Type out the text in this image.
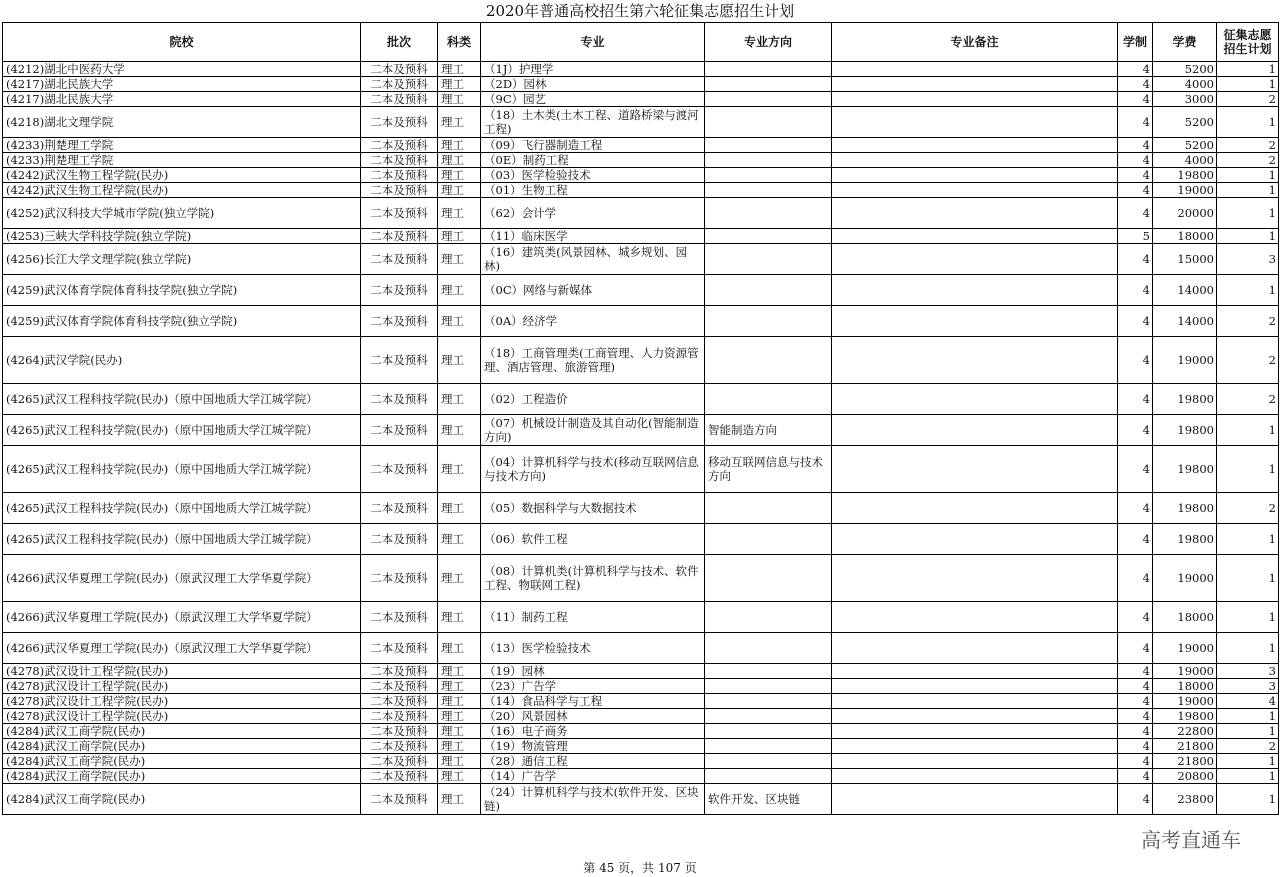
2020年普通高校招生第六轮征集志愿招生计划
院校	批次	科类	专业	专业方向	专业备注	学制	学费	征集志愿招生计划
(4212)湖北中医药大学	二本及预科	理工	（1J）护理学			4	5200	1
(4217)湖北民族大学	二本及预科	理工	（2D）园林			4	4000	1
(4217)湖北民族大学	二本及预科	理工	（9C）园艺			4	3000	2
(4218)湖北文理学院	二本及预科	理工	（18）土木类(土木工程、道路桥梁与渡河工程)			4	5200	1
(4233)荆楚理工学院	二本及预科	理工	（09）飞行器制造工程			4	5200	2
(4233)荆楚理工学院	二本及预科	理工	（0E）制药工程			4	4000	2
(4242)武汉生物工程学院(民办)	二本及预科	理工	（03）医学检验技术			4	19800	1
(4242)武汉生物工程学院(民办)	二本及预科	理工	（01）生物工程			4	19000	1
(4252)武汉科技大学城市学院(独立学院)	二本及预科	理工	（62）会计学			4	20000	1
(4253)三峡大学科技学院(独立学院)	二本及预科	理工	（11）临床医学			5	18000	1
(4256)长江大学文理学院(独立学院)	二本及预科	理工	（16）建筑类(风景园林、城乡规划、园林)			4	15000	3
(4259)武汉体育学院体育科技学院(独立学院)	二本及预科	理工	（0C）网络与新媒体			4	14000	1
(4259)武汉体育学院体育科技学院(独立学院)	二本及预科	理工	（0A）经济学			4	14000	2
(4264)武汉学院(民办)	二本及预科	理工	（18）工商管理类(工商管理、人力资源管理、酒店管理、旅游管理)			4	19000	2
(4265)武汉工程科技学院(民办)（原中国地质大学江城学院）	二本及预科	理工	（02）工程造价			4	19800	2
(4265)武汉工程科技学院(民办)（原中国地质大学江城学院）	二本及预科	理工	（07）机械设计制造及其自动化(智能制造方向)	智能制造方向		4	19800	1
(4265)武汉工程科技学院(民办)（原中国地质大学江城学院）	二本及预科	理工	（04）计算机科学与技术(移动互联网信息与技术方向)	移动互联网信息与技术方向		4	19800	1
(4265)武汉工程科技学院(民办)（原中国地质大学江城学院）	二本及预科	理工	（05）数据科学与大数据技术			4	19800	2
(4265)武汉工程科技学院(民办)（原中国地质大学江城学院）	二本及预科	理工	（06）软件工程			4	19800	1
(4266)武汉华夏理工学院(民办)（原武汉理工大学华夏学院）	二本及预科	理工	（08）计算机类(计算机科学与技术、软件工程、物联网工程)			4	19000	1
(4266)武汉华夏理工学院(民办)（原武汉理工大学华夏学院）	二本及预科	理工	（11）制药工程			4	18000	1
(4266)武汉华夏理工学院(民办)（原武汉理工大学华夏学院）	二本及预科	理工	（13）医学检验技术			4	19000	1
(4278)武汉设计工程学院(民办)	二本及预科	理工	（19）园林			4	19000	3
(4278)武汉设计工程学院(民办)	二本及预科	理工	（23）广告学			4	18000	3
(4278)武汉设计工程学院(民办)	二本及预科	理工	（14）食品科学与工程			4	19000	4
(4278)武汉设计工程学院(民办)	二本及预科	理工	（20）风景园林			4	19800	1
(4284)武汉工商学院(民办)	二本及预科	理工	（16）电子商务			4	22800	1
(4284)武汉工商学院(民办)	二本及预科	理工	（19）物流管理			4	21800	2
(4284)武汉工商学院(民办)	二本及预科	理工	（28）通信工程			4	21800	1
(4284)武汉工商学院(民办)	二本及预科	理工	（14）广告学			4	20800	1
(4284)武汉工商学院(民办)	二本及预科	理工	（24）计算机科学与技术(软件开发、区块链)	软件开发、区块链		4	23800	1
高考直通车
第 45 页，共 107 页
